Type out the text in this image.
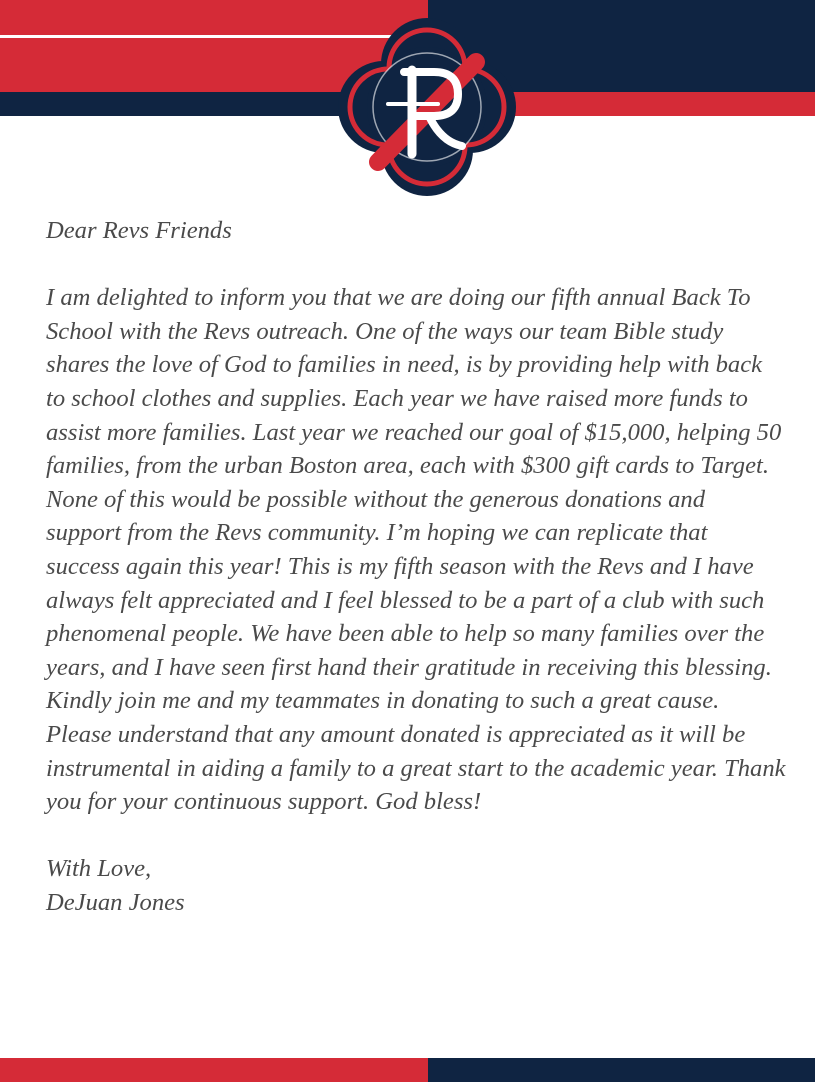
Dear Revs Friends

I am delighted to inform you that we are doing our fifth annual Back To School with the Revs outreach. One of the ways our team Bible study shares the love of God to families in need, is by providing help with back to school clothes and supplies. Each year we have raised more funds to assist more families. Last year we reached our goal of $15,000, helping 50 families, from the urban Boston area, each with $300 gift cards to Target. None of this would be possible without the generous donations and support from the Revs community. I’m hoping we can replicate that success again this year! This is my fifth season with the Revs and I have always felt appreciated and I feel blessed to be a part of a club with such phenomenal people. We have been able to help so many families over the years, and I have seen first hand their gratitude in receiving this blessing. Kindly join me and my teammates in donating to such a great cause. Please understand that any amount donated is appreciated as it will be instrumental in aiding a family to a great start to the academic year. Thank you for your continuous support. God bless!

With Love,

DeJuan Jones
